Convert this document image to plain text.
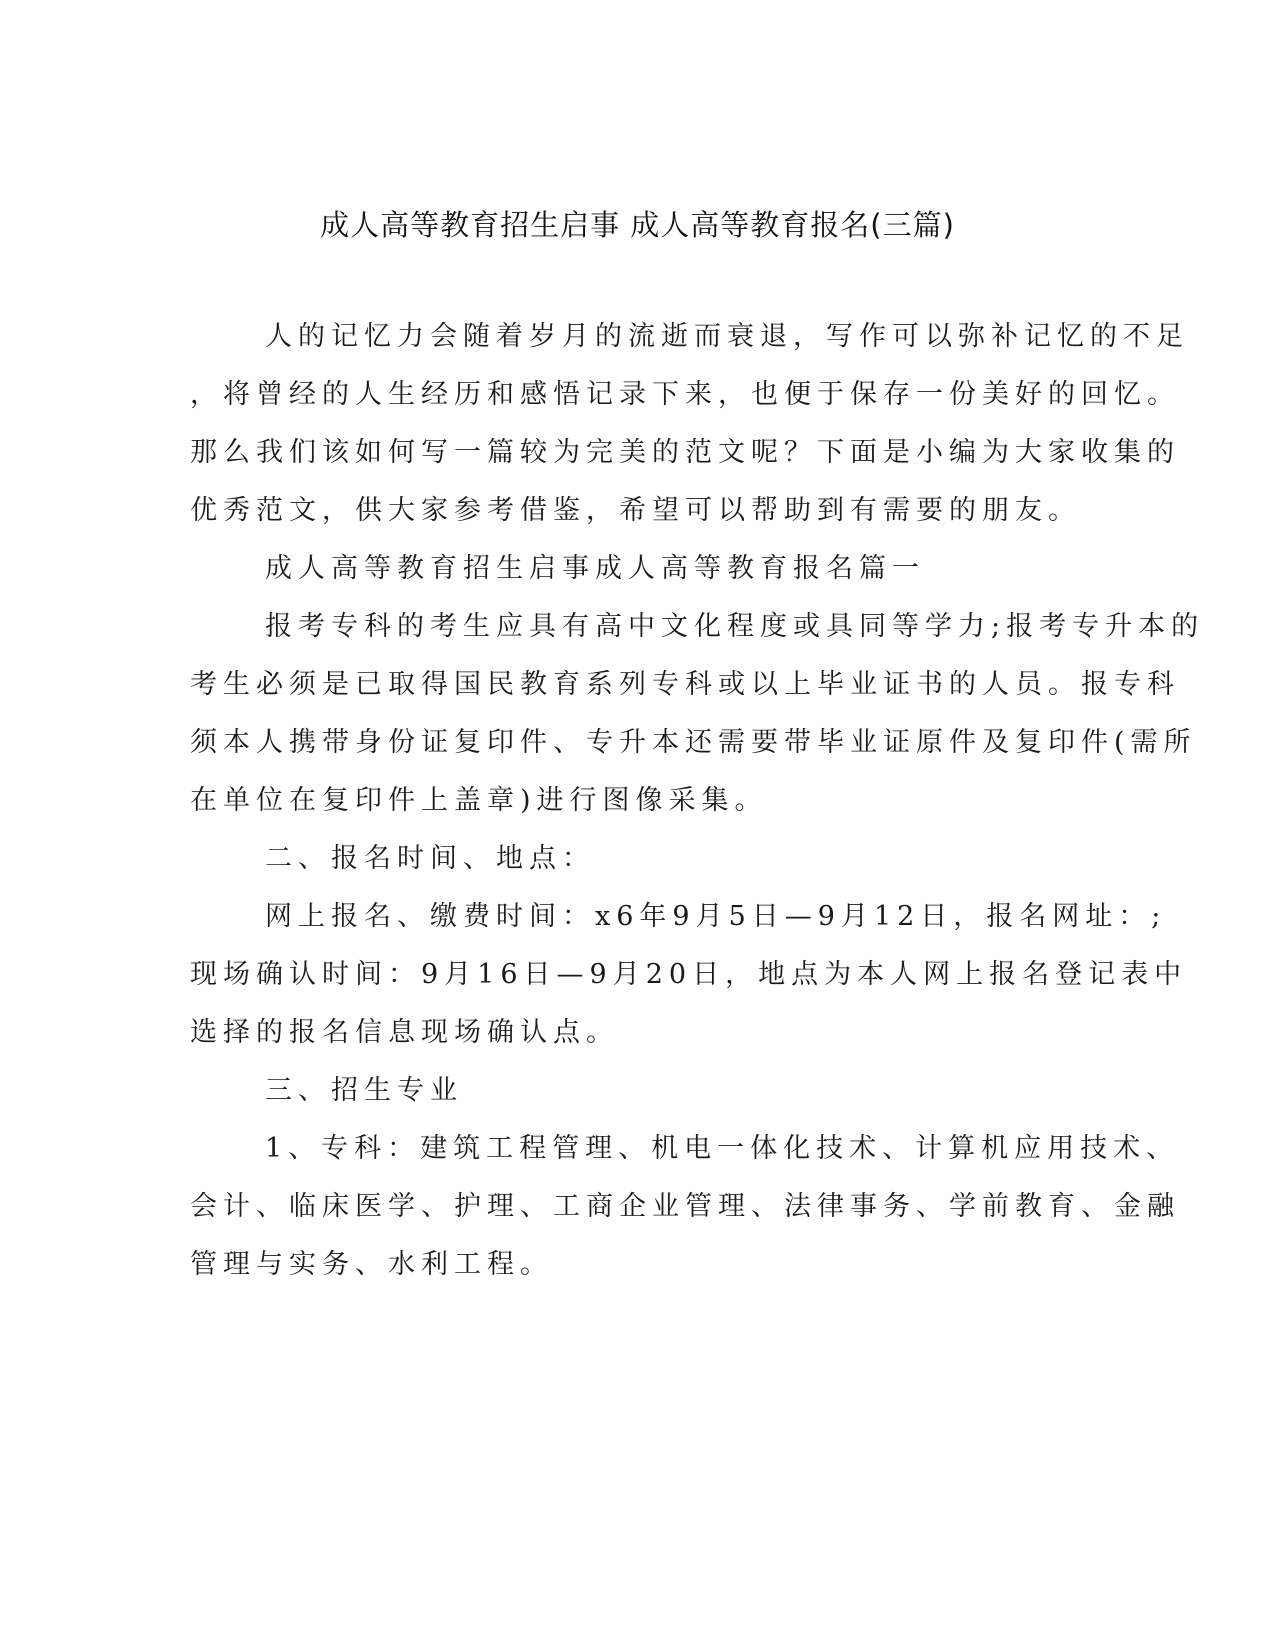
成人高等教育招生启事 成人高等教育报名(三篇)
人的记忆力会随着岁月的流逝而衰退，写作可以弥补记忆的不足
，将曾经的人生经历和感悟记录下来，也便于保存一份美好的回忆。
那么我们该如何写一篇较为完美的范文呢？下面是小编为大家收集的
优秀范文，供大家参考借鉴，希望可以帮助到有需要的朋友。
成人高等教育招生启事成人高等教育报名篇一
报考专科的考生应具有高中文化程度或具同等学力;报考专升本的
考生必须是已取得国民教育系列专科或以上毕业证书的人员。报专科
须本人携带身份证复印件、专升本还需要带毕业证原件及复印件(需所
在单位在复印件上盖章)进行图像采集。
二、报名时间、地点：
网上报名、缴费时间：x6年9月5日—9月12日，报名网址：;
现场确认时间：9月16日—9月20日，地点为本人网上报名登记表中
选择的报名信息现场确认点。
三、招生专业
1、专科：建筑工程管理、机电一体化技术、计算机应用技术、
会计、临床医学、护理、工商企业管理、法律事务、学前教育、金融
管理与实务、水利工程。
